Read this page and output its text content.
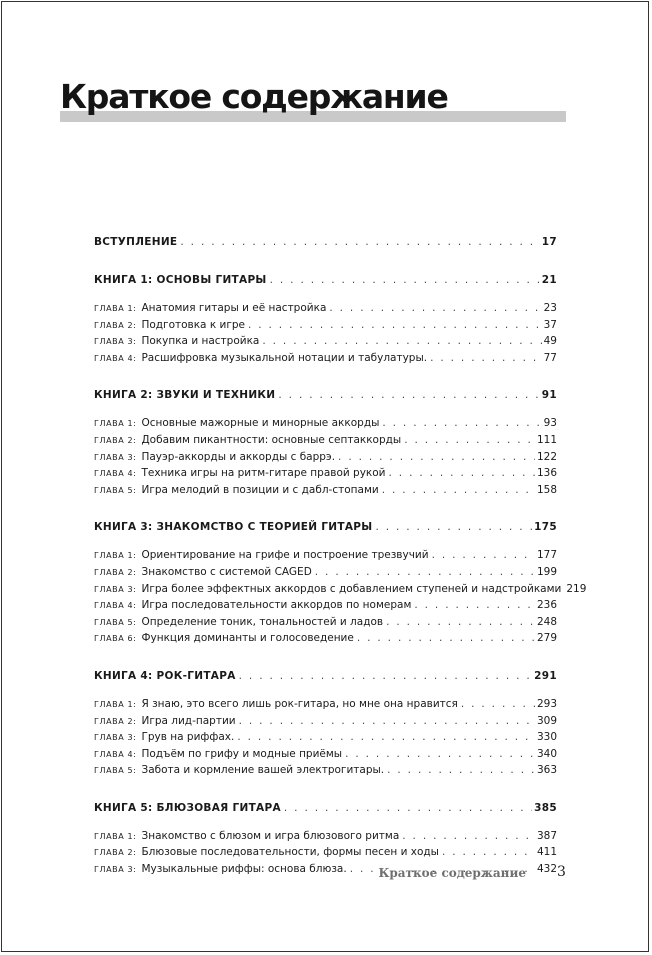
Краткое содержание
ВСТУПЛЕНИЕ . . .	17
КНИГА 1: ОСНОВЫ ГИТАРЫ . . .	21
ГЛАВА 1: Анатомия гитары и её настройка . . .	23
ГЛАВА 2: Подготовка к игре . . .	37
ГЛАВА 3: Покупка и настройка . . .	49
ГЛАВА 4: Расшифровка музыкальной нотации и табулатуры. . . .	77
КНИГА 2: ЗВУКИ И ТЕХНИКИ . . .	91
ГЛАВА 1: Основные мажорные и минорные аккорды . . .	93
ГЛАВА 2: Добавим пикантности: основные септаккорды . . .	111
ГЛАВА 3: Пауэр-аккорды и аккорды с баррэ. . . .	122
ГЛАВА 4: Техника игры на ритм-гитаре правой рукой . . .	136
ГЛАВА 5: Игра мелодий в позиции и с дабл-стопами . . .	158
КНИГА 3: ЗНАКОМСТВО С ТЕОРИЕЙ ГИТАРЫ . . .	175
ГЛАВА 1: Ориентирование на грифе и построение трезвучий . . .	177
ГЛАВА 2: Знакомство с системой CAGED . . .	199
ГЛАВА 3: Игра более эффектных аккордов с добавлением ступеней и надстройками 219
ГЛАВА 4: Игра последовательности аккордов по номерам . . .	236
ГЛАВА 5: Определение тоник, тональностей и ладов . . .	248
ГЛАВА 6: Функция доминанты и голосоведение . . .	279
КНИГА 4: РОК-ГИТАРА . . .	291
ГЛАВА 1: Я знаю, это всего лишь рок-гитара, но мне она нравится . . .	293
ГЛАВА 2: Игра лид-партии . . .	309
ГЛАВА 3: Грув на риффах. . . .	330
ГЛАВА 4: Подъём по грифу и модные приёмы . . .	340
ГЛАВА 5: Забота и кормление вашей электрогитары. . . .	363
КНИГА 5: БЛЮЗОВАЯ ГИТАРА . . .	385
ГЛАВА 1: Знакомство с блюзом и игра блюзового ритма . . .	387
ГЛАВА 2: Блюзовые последовательности, формы песен и ходы . . .	411
ГЛАВА 3: Музыкальные риффы: основа блюза. . . .	432
Краткое содержание 3
